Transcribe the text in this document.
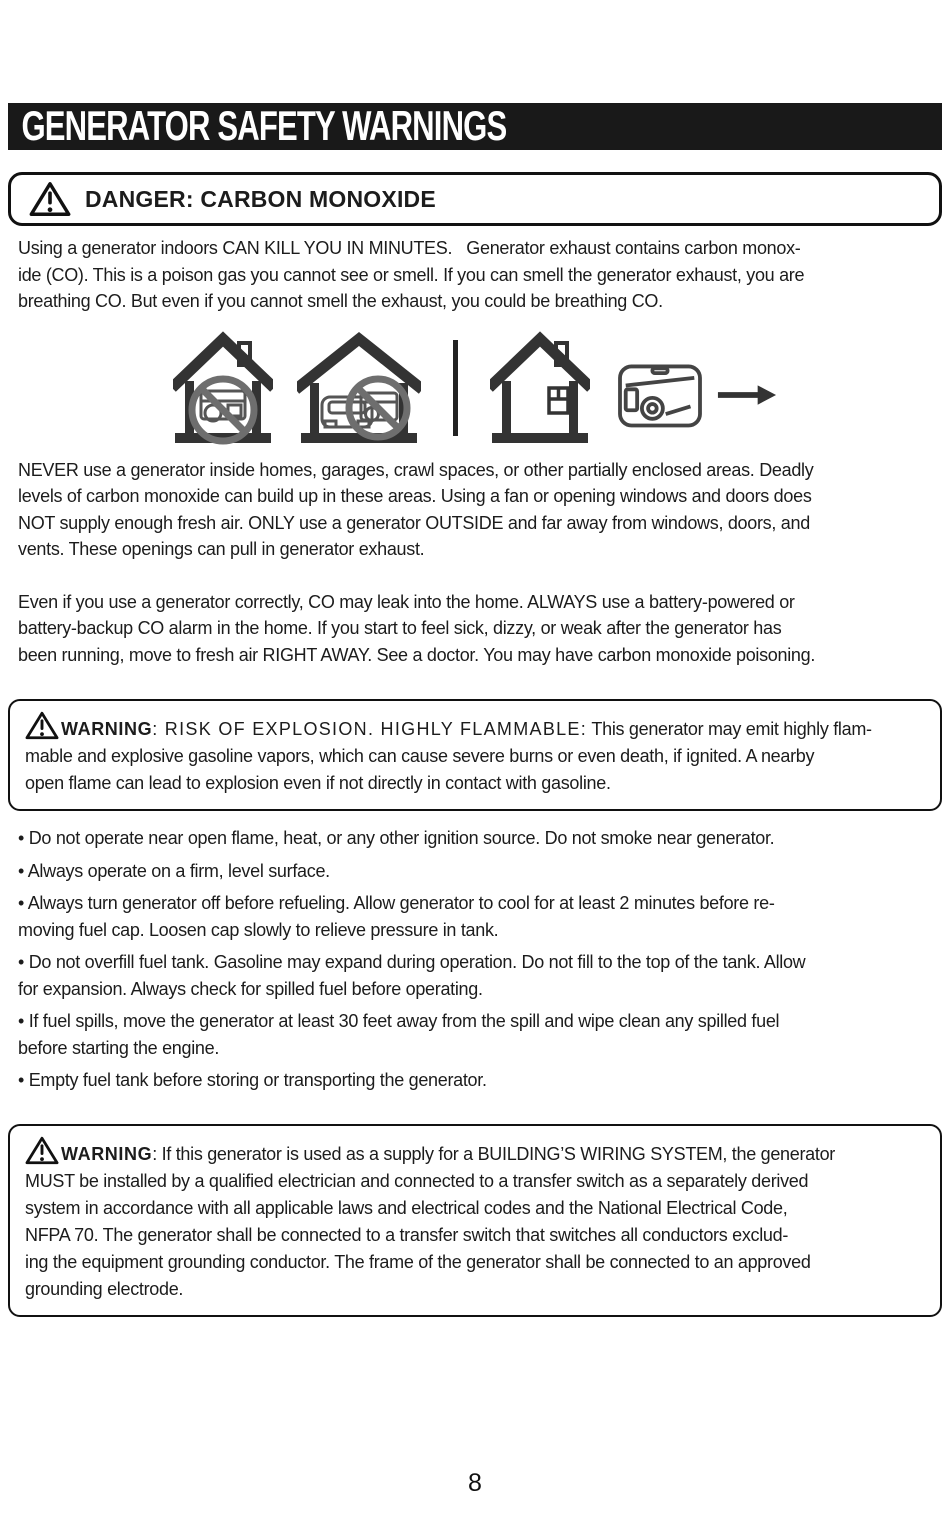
GENERATOR SAFETY WARNINGS
DANGER: CARBON MONOXIDE
Using a generator indoors CAN KILL YOU IN MINUTES.   Generator exhaust contains carbon monox-
ide (CO). This is a poison gas you cannot see or smell. If you can smell the generator exhaust, you are
breathing CO. But even if you cannot smell the exhaust, you could be breathing CO.
NEVER use a generator inside homes, garages, crawl spaces, or other partially enclosed areas. Deadly
levels of carbon monoxide can build up in these areas. Using a fan or opening windows and doors does
NOT supply enough fresh air. ONLY use a generator OUTSIDE and far away from windows, doors, and
vents. These openings can pull in generator exhaust.
Even if you use a generator correctly, CO may leak into the home. ALWAYS use a battery-powered or
battery-backup CO alarm in the home. If you start to feel sick, dizzy, or weak after the generator has
been running, move to fresh air RIGHT AWAY. See a doctor. You may have carbon monoxide poisoning.
WARNING: RISK OF EXPLOSION. HIGHLY FLAMMABLE: This generator may emit highly flam-
mable and explosive gasoline vapors, which can cause severe burns or even death, if ignited. A nearby
open flame can lead to explosion even if not directly in contact with gasoline.
• Do not operate near open flame, heat, or any other ignition source. Do not smoke near generator.
• Always operate on a firm, level surface.
• Always turn generator off before refueling. Allow generator to cool for at least 2 minutes before re-
moving fuel cap. Loosen cap slowly to relieve pressure in tank.
• Do not overfill fuel tank. Gasoline may expand during operation. Do not fill to the top of the tank. Allow
for expansion. Always check for spilled fuel before operating.
• If fuel spills, move the generator at least 30 feet away from the spill and wipe clean any spilled fuel
before starting the engine.
• Empty fuel tank before storing or transporting the generator.
WARNING: If this generator is used as a supply for a BUILDING’S WIRING SYSTEM, the generator
MUST be installed by a qualified electrician and connected to a transfer switch as a separately derived
system in accordance with all applicable laws and electrical codes and the National Electrical Code,
NFPA 70. The generator shall be connected to a transfer switch that switches all conductors exclud-
ing the equipment grounding conductor. The frame of the generator shall be connected to an approved
grounding electrode.
8
